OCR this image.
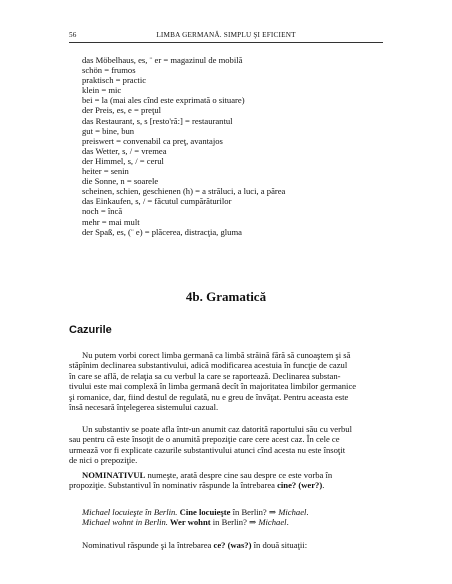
56	LIMBA GERMANĂ. SIMPLU ŞI EFICIENT
das Möbelhaus, es, ¨ er = magazinul de mobilă
schön = frumos
praktisch = practic
klein = mic
bei = la (mai ales cînd este exprimată o situare)
der Preis, es, e = preţul
das Restaurant, s, s [resto'rã:] = restaurantul
gut = bine, bun
preiswert = convenabil ca preţ, avantajos
das Wetter, s, / = vremea
der Himmel, s, / = cerul
heiter = senin
die Sonne, n = soarele
scheinen, schien, geschienen (h) = a străluci, a luci, a părea
das Einkaufen, s, / = făcutul cumpărăturilor
noch = încă
mehr = mai mult
der Spaß, es, (¨ e) = plăcerea, distracţia, gluma
4b. Gramatică
Cazurile
Nu putem vorbi corect limba germană ca limbă străină fără să cunoaştem şi să
stăpînim declinarea substantivului, adică modificarea acestuia în funcţie de cazul
în care se află, de relaţia sa cu verbul la care se raportează. Declinarea substan-
tivului este mai complexă în limba germană decît în majoritatea limbilor germanice
şi romanice, dar, fiind destul de regulată, nu e greu de învăţat. Pentru aceasta este
însă necesară înţelegerea sistemului cazual.
Un substantiv se poate afla într-un anumit caz datorită raportului său cu verbul
sau pentru că este însoţit de o anumită prepoziţie care cere acest caz. În cele ce
urmează vor fi explicate cazurile substantivului atunci cînd acesta nu este însoţit
de nici o prepoziţie.
NOMINATIVUL numeşte, arată despre cine sau despre ce este vorba în
propoziţie. Substantivul în nominativ răspunde la întrebarea cine? (wer?).
Michael locuieşte în Berlin. Cine locuieşte în Berlin? ⇒ Michael.
Michael wohnt in Berlin. Wer wohnt in Berlin? ⇒ Michael.
Nominativul răspunde şi la întrebarea ce? (was?) în două situaţii:
